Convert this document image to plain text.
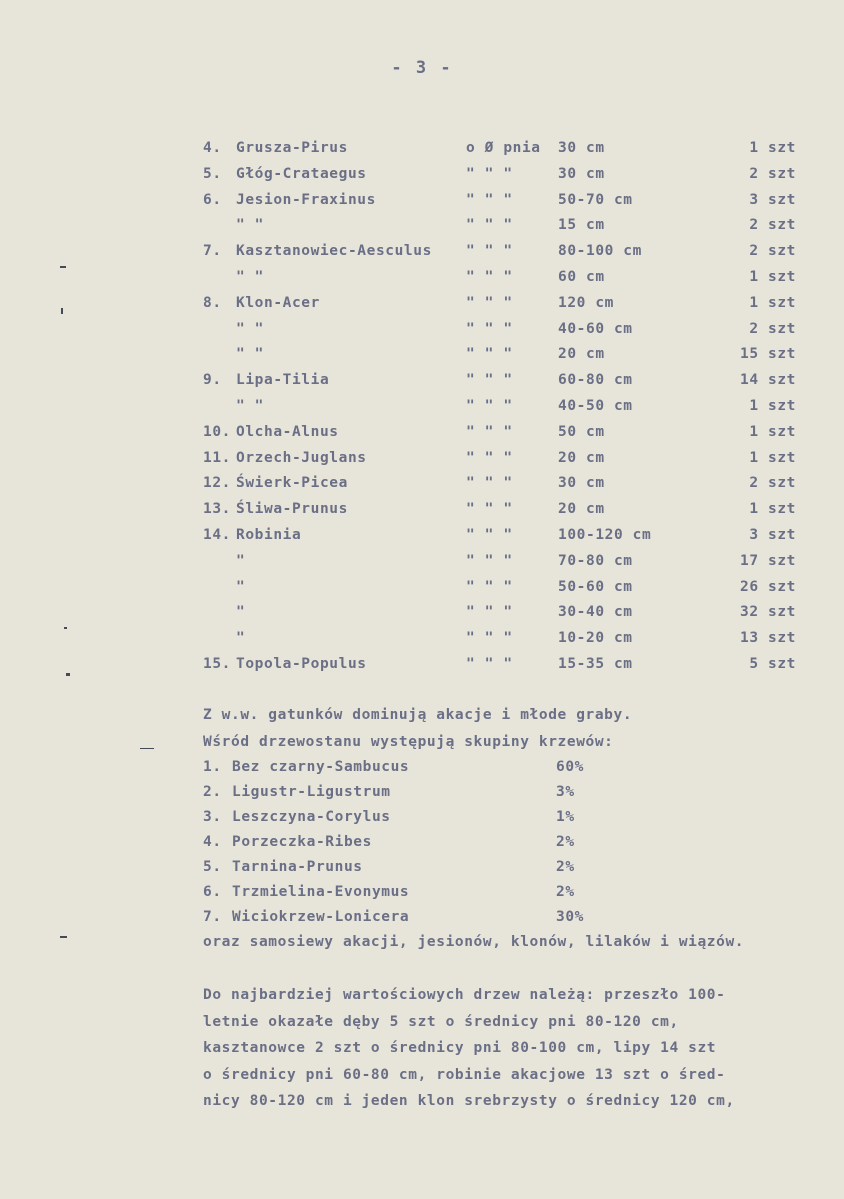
- 3 -
4. Grusza-Pirus	o Ø pnia 30 cm	1 szt
5. Głóg-Crataegus	" " "	30 cm	2 szt
6. Jesion-Fraxinus	" " "	50-70 cm	3 szt
" "	" " "	15 cm	2 szt
7. Kasztanowiec-Aesculus " " "	80-100 cm	2 szt
" "	" " "	60 cm	1 szt
8. Klon-Acer	" " "	120 cm	1 szt
" "	" " "	40-60 cm	2 szt
" "	" " "	20 cm	15 szt
9. Lipa-Tilia	" " "	60-80 cm	14 szt
" "	" " "	40-50 cm	1 szt
10. Olcha-Alnus	" " "	50 cm	1 szt
11. Orzech-Juglans	" " "	20 cm	1 szt
12. Świerk-Picea	" " "	30 cm	2 szt
13. Śliwa-Prunus	" " "	20 cm	1 szt
14. Robinia	" " "	100-120 cm	3 szt
"	" " "	70-80 cm	17 szt
"	" " "	50-60 cm	26 szt
"	" " "	30-40 cm	32 szt
"	" " "	10-20 cm	13 szt
15. Topola-Populus	" " "	15-35 cm	5 szt
Z w.w. gatunków dominują akacje i młode graby.
Wśród drzewostanu występują skupiny krzewów:
1. Bez czarny-Sambucus	60%
2. Ligustr-Ligustrum	3%
3. Leszczyna-Corylus	1%
4. Porzeczka-Ribes	2%
5. Tarnina-Prunus	2%
6. Trzmielina-Evonymus	2%
7. Wiciokrzew-Lonicera	30%
oraz samosiewy akacji, jesionów, klonów, lilaków i wiązów.
Do najbardziej wartościowych drzew należą: przeszło 100-
letnie okazałe dęby 5 szt o średnicy pni 80-120 cm,
kasztanowce 2 szt o średnicy pni 80-100 cm, lipy 14 szt
o średnicy pni 60-80 cm, robinie akacjowe 13 szt o śred-
nicy 80-120 cm i jeden klon srebrzysty o średnicy 120 cm,
